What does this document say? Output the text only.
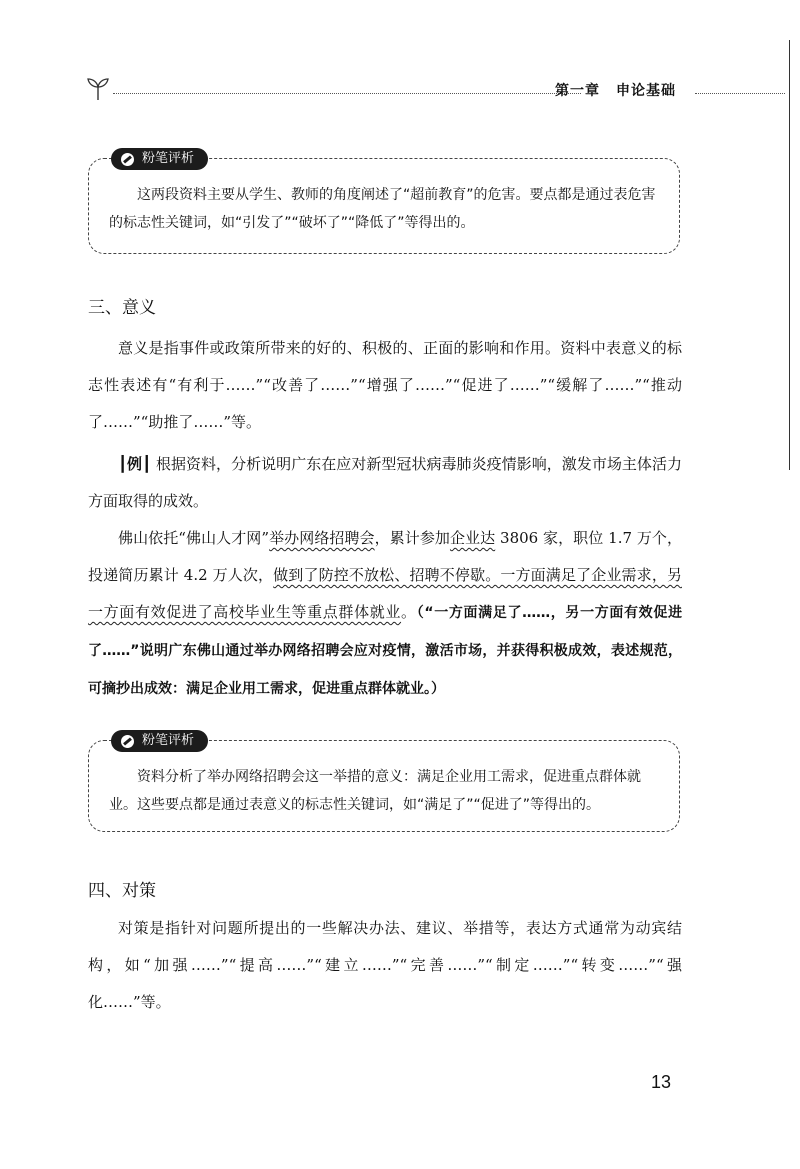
第一章 申论基础
粉笔评析

这两段资料主要从学生、教师的角度阐述了“超前教育”的危害。要点都是通过表危害的标志性关键词，如“引发了”“破坏了”“降低了”等得出的。

三、意义

意义是指事件或政策所带来的好的、积极的、正面的影响和作用。资料中表意义的标志性表述有“有利于……”“改善了……”“增强了……”“促进了……”“缓解了……”“推动了……”“助推了……”等。

┃例┃ 根据资料，分析说明广东在应对新型冠状病毒肺炎疫情影响，激发市场主体活力方面取得的成效。

佛山依托“佛山人才网”举办网络招聘会，累计参加企业达 3806 家，职位 1.7 万个，投递简历累计 4.2 万人次，做到了防控不放松、招聘不停歇。一方面满足了企业需求，另一方面有效促进了高校毕业生等重点群体就业。（“一方面满足了……，另一方面有效促进了……”说明广东佛山通过举办网络招聘会应对疫情，激活市场，并获得积极成效，表述规范，可摘抄出成效：满足企业用工需求，促进重点群体就业。）

粉笔评析

资料分析了举办网络招聘会这一举措的意义：满足企业用工需求，促进重点群体就业。这些要点都是通过表意义的标志性关键词，如“满足了”“促进了”等得出的。

四、对策

对策是指针对问题所提出的一些解决办法、建议、举措等，表达方式通常为动宾结构，如“加强……”“提高……”“建立……”“完善……”“制定……”“转变……”“强化……”等。

13
